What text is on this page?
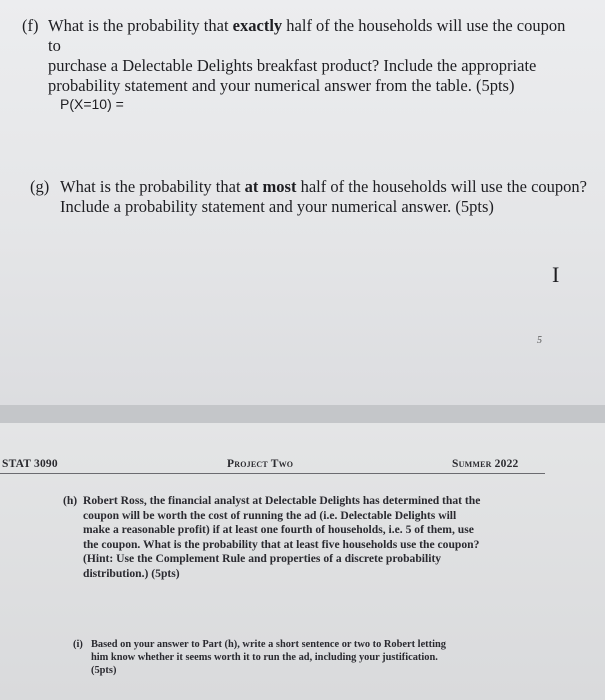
(f) What is the probability that exactly half of the households will use the coupon to
purchase a Delectable Delights breakfast product? Include the appropriate
probability statement and your numerical answer from the table. (5pts)
P(X=10) =
(g) What is the probability that at most half of the households will use the coupon?
Include a probability statement and your numerical answer. (5pts)
I
5
STAT 3090	Project Two	Summer 2022
(h) Robert Ross, the financial analyst at Delectable Delights has determined that the
coupon will be worth the cost of running the ad (i.e. Delectable Delights will
make a reasonable profit) if at least one fourth of households, i.e. 5 of them, use
the coupon. What is the probability that at least five households use the coupon?
(Hint: Use the Complement Rule and properties of a discrete probability
distribution.) (5pts)
(i) Based on your answer to Part (h), write a short sentence or two to Robert letting
him know whether it seems worth it to run the ad, including your justification.
(5pts)
